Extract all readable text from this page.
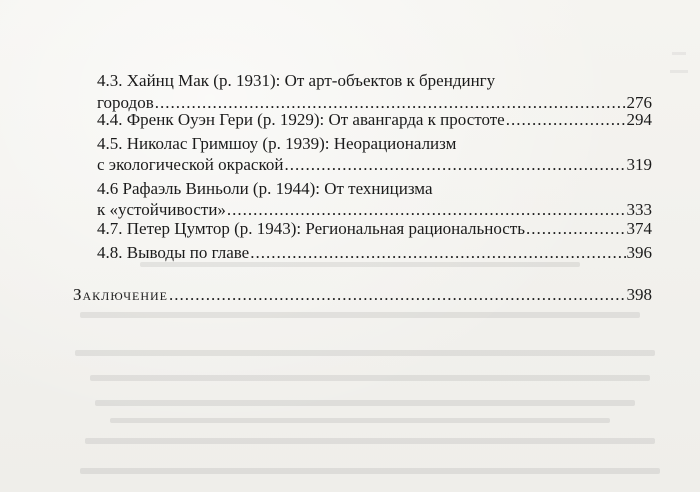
4.3. Хайнц Мак (р. 1931): От арт-объектов к брендингу
городов .....	276
4.4. Френк Оуэн Гери (р. 1929): От авангарда к простоте .....	294
4.5. Николас Гримшоу (р. 1939): Неорационализм
с экологической окраской .....	319
4.6 Рафаэль Виньоли (р. 1944): От техницизма
к «устойчивости» .....	333
4.7. Петер Цумтор (р. 1943): Региональная рациональность .....	374
4.8. Выводы по главе .....	396
Заключение .....	398
